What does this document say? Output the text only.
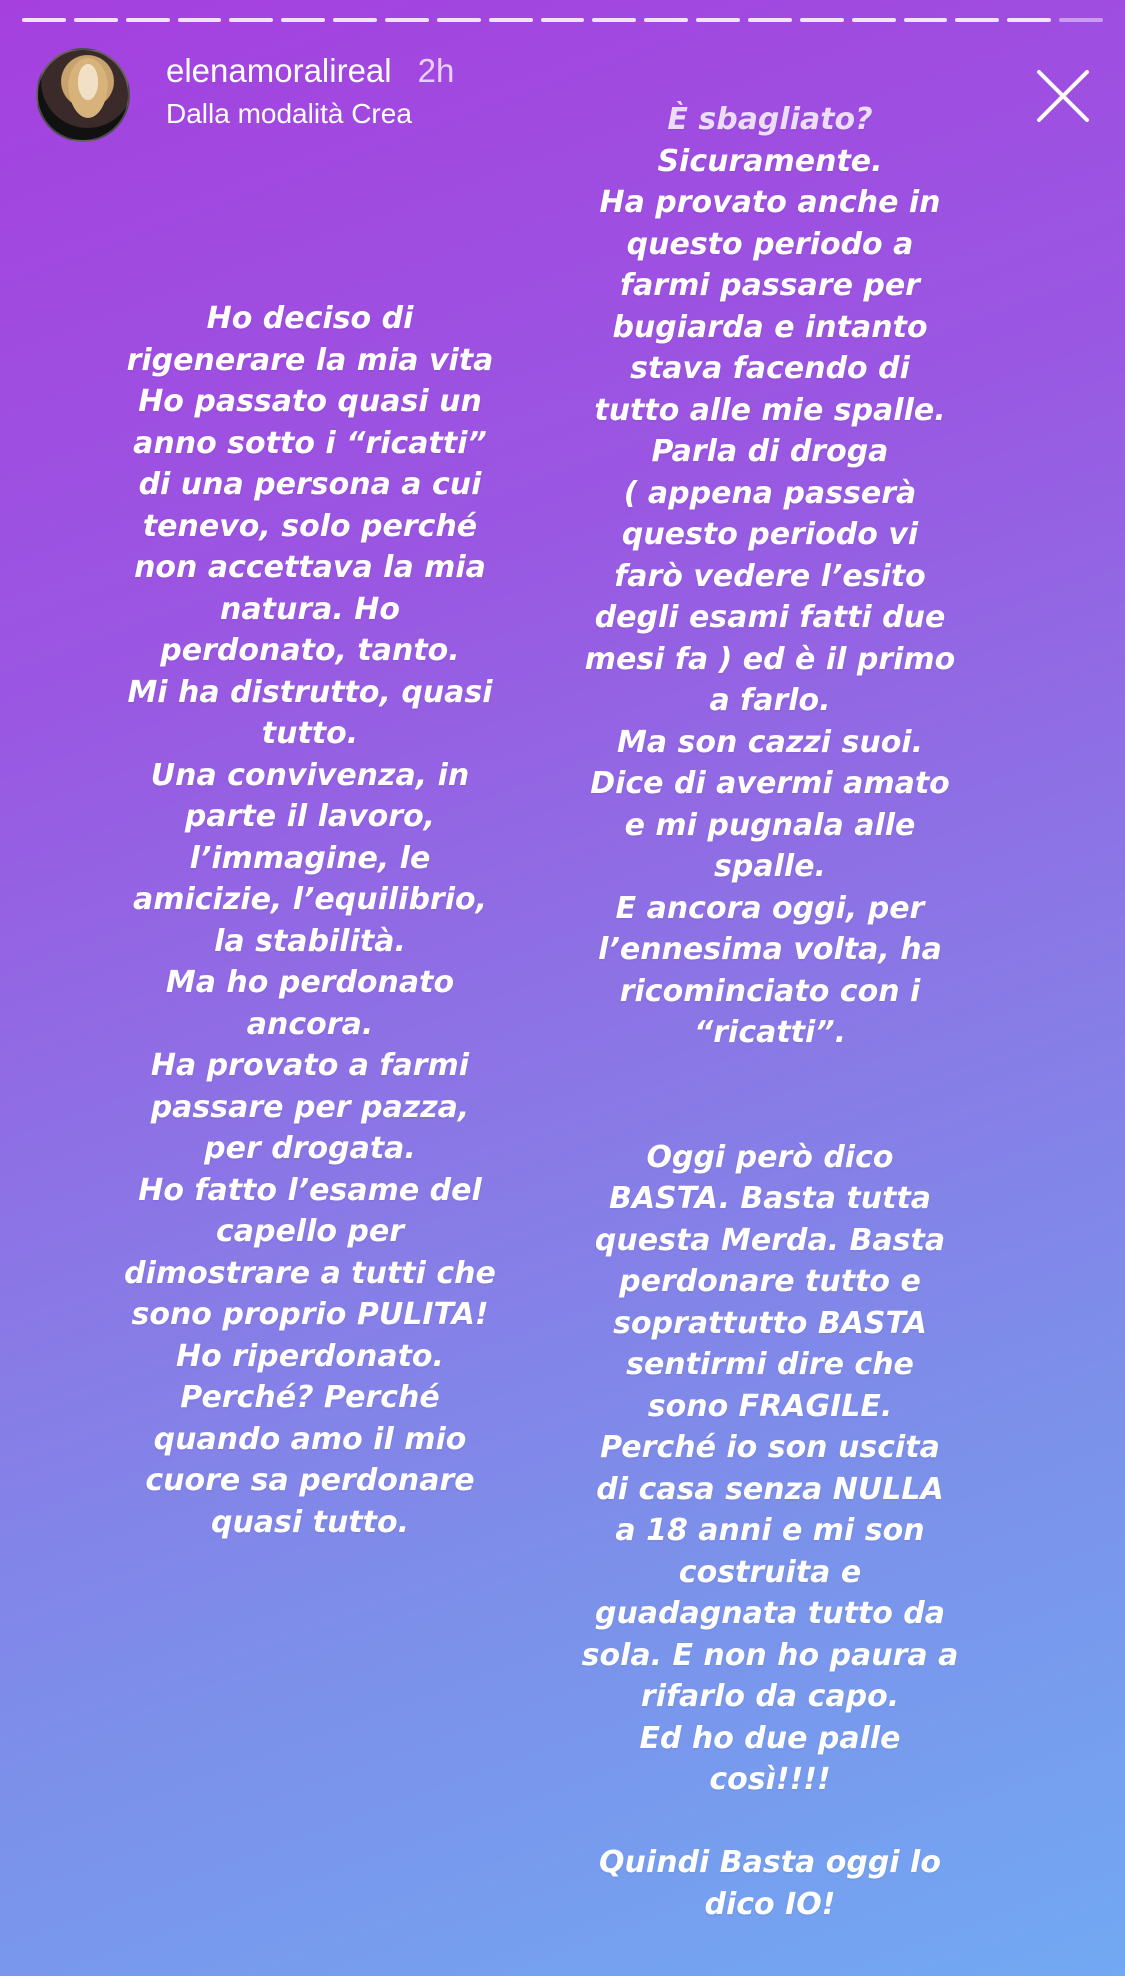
elenamoralireal 2h
Dalla modalità Crea
Ho deciso di
rigenerare la mia vita
Ho passato quasi un
anno sotto i “ricatti”
di una persona a cui
tenevo, solo perché
non accettava la mia
natura. Ho
perdonato, tanto.
Mi ha distrutto, quasi
tutto.
Una convivenza, in
parte il lavoro,
l’immagine, le
amicizie, l’equilibrio,
la stabilità.
Ma ho perdonato
ancora.
Ha provato a farmi
passare per pazza,
per drogata.
Ho fatto l’esame del
capello per
dimostrare a tutti che
sono proprio PULITA!
Ho riperdonato.
Perché? Perché
quando amo il mio
cuore sa perdonare
quasi tutto.
È sbagliato?
Sicuramente.
Ha provato anche in
questo periodo a
farmi passare per
bugiarda e intanto
stava facendo di
tutto alle mie spalle.
Parla di droga
( appena passerà
questo periodo vi
farò vedere l’esito
degli esami fatti due
mesi fa ) ed è il primo
a farlo.
Ma son cazzi suoi.
Dice di avermi amato
e mi pugnala alle
spalle.
E ancora oggi, per
l’ennesima volta, ha
ricominciato con i
“ricatti”.
Oggi però dico
BASTA. Basta tutta
questa Merda. Basta
perdonare tutto e
soprattutto BASTA
sentirmi dire che
sono FRAGILE.
Perché io son uscita
di casa senza NULLA
a 18 anni e mi son
costruita e
guadagnata tutto da
sola. E non ho paura a
rifarlo da capo.
Ed ho due palle
così!!!!
Quindi Basta oggi lo
dico IO!
